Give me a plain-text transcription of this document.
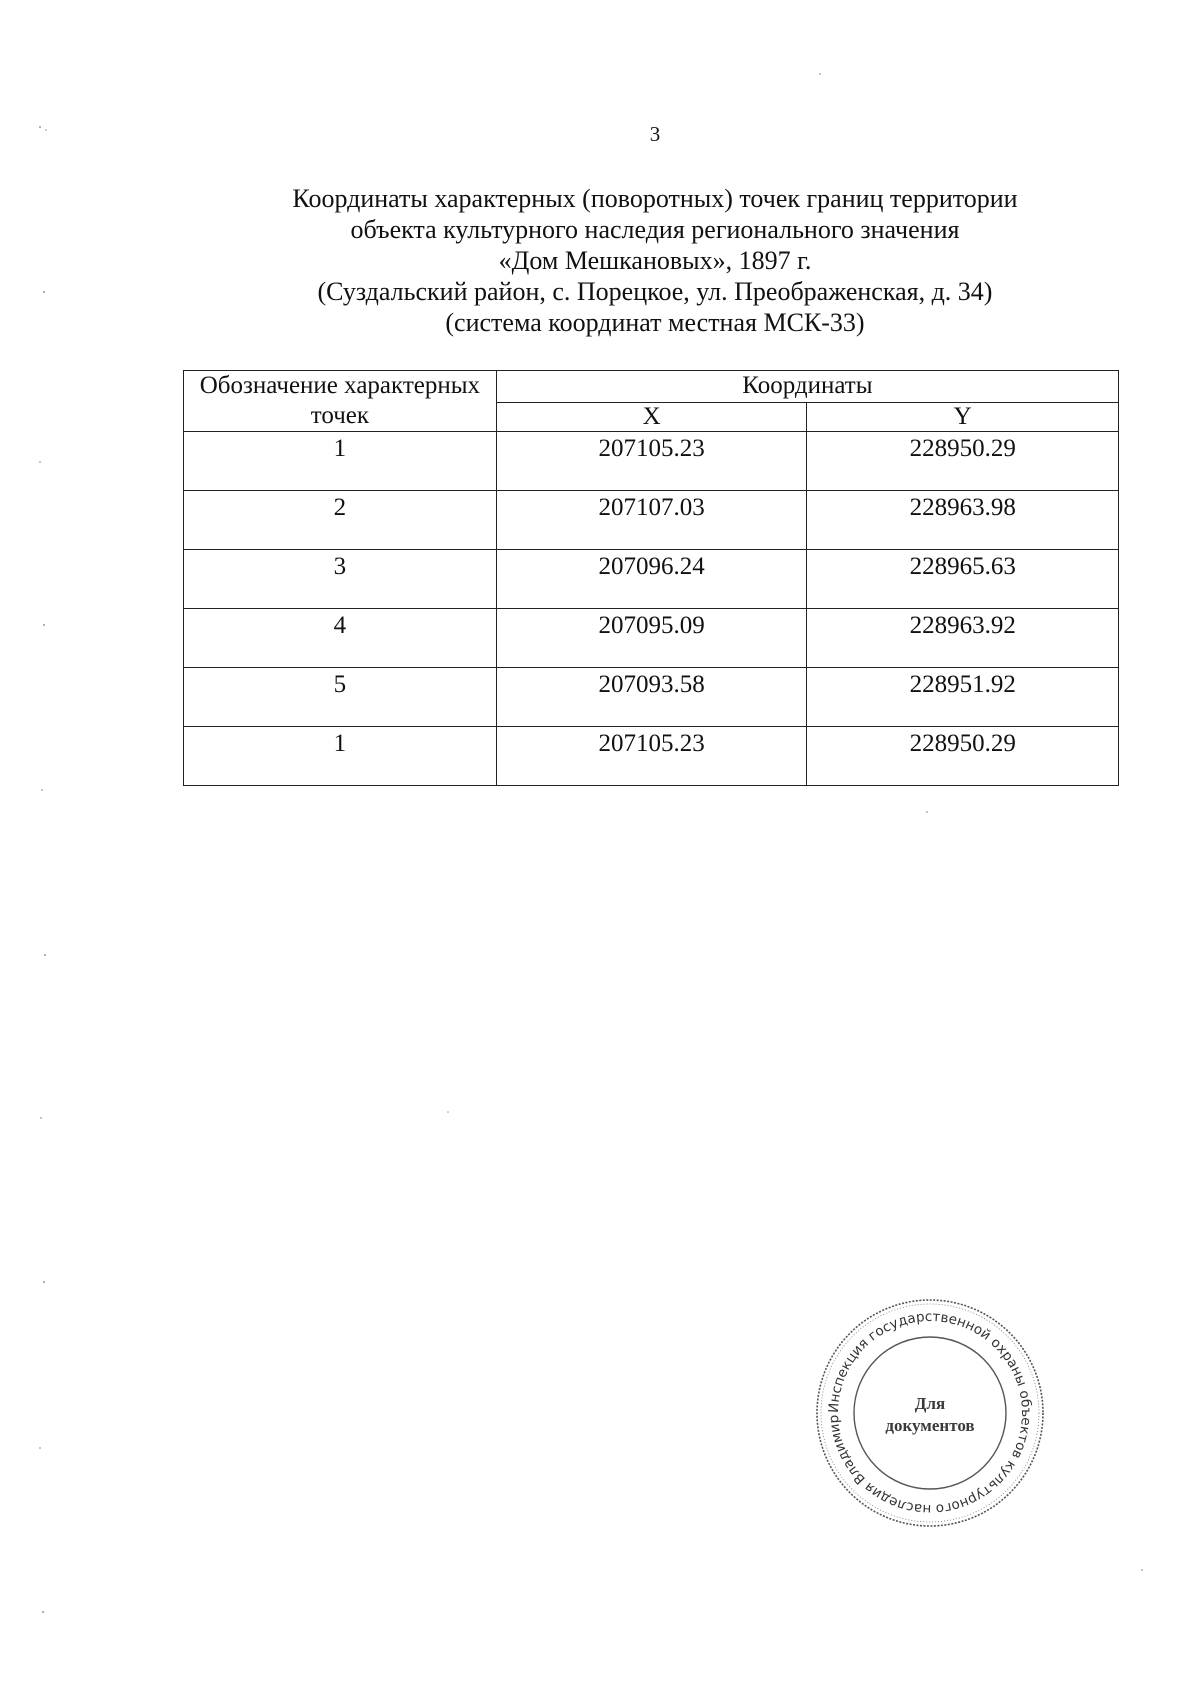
3
Координаты характерных (поворотных) точек границ территории
объекта культурного наследия регионального значения
«Дом Мешкановых», 1897 г.
(Суздальский район, с. Порецкое, ул. Преображенская, д. 34)
(система координат местная МСК-33)
Обозначение характерных точек	Координаты	
	X	Y
1	207105.23	228950.29
2	207107.03	228963.98
3	207096.24	228965.63
4	207095.09	228963.92
5	207093.58	228951.92
1	207105.23	228950.29
Инспекция государственной охраны объектов культурного наследия Владимир
Для
документов
